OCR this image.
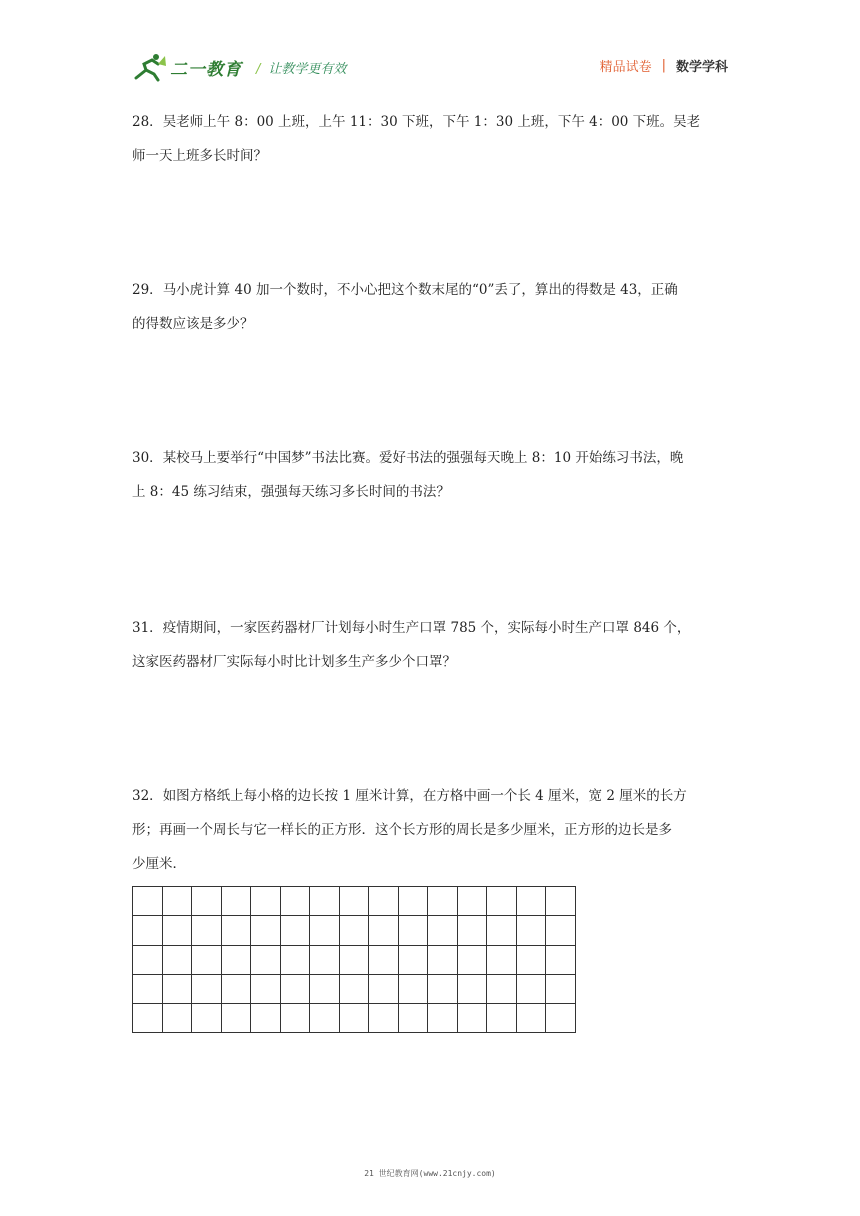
二一教育 / 让教学更有效	精品试卷 | 数学学科

28．吴老师上午 8：00 上班，上午 11：30 下班，下午 1：30 上班，下午 4：00 下班。吴老

师一天上班多长时间？

29．马小虎计算 40 加一个数时，不小心把这个数末尾的“0”丢了，算出的得数是 43，正确

的得数应该是多少？

30．某校马上要举行“中国梦”书法比赛。爱好书法的强强每天晚上 8：10 开始练习书法，晚

上 8：45 练习结束，强强每天练习多长时间的书法？

31．疫情期间，一家医药器材厂计划每小时生产口罩 785 个，实际每小时生产口罩 846 个，

这家医药器材厂实际每小时比计划多生产多少个口罩？

32．如图方格纸上每小格的边长按 1 厘米计算，在方格中画一个长 4 厘米，宽 2 厘米的长方

形；再画一个周长与它一样长的正方形．这个长方形的周长是多少厘米，正方形的边长是多

少厘米．

21 世纪教育网(www.21cnjy.com)
